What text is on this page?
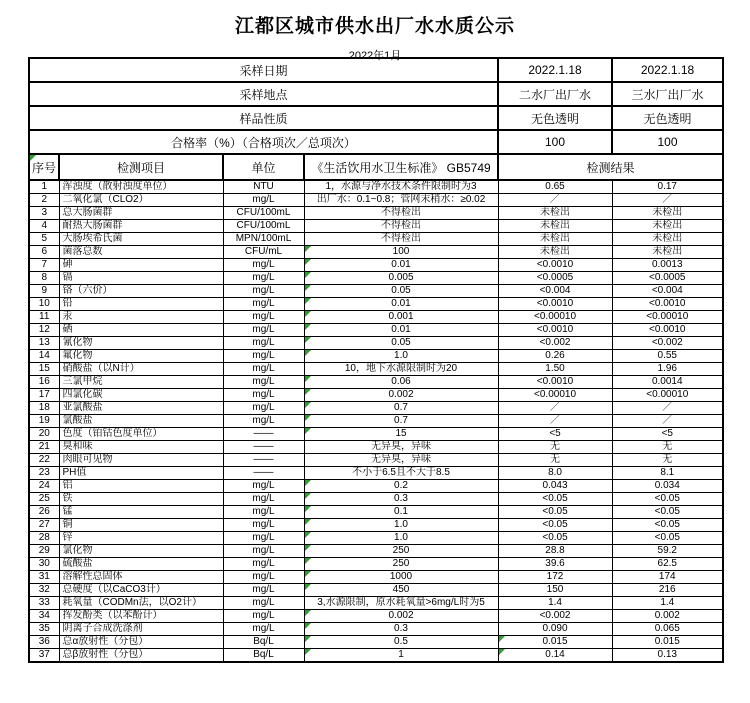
江都区城市供水出厂水水质公示
2022年1月
采样日期				2022.1.18	2022.1.18
采样地点				二水厂出厂水	三水厂出厂水
样品性质				无色透明	无色透明
合格率（%）（合格项次／总项次）				100	100

序号	检测项目	单位	《生活饮用水卫生标准》 GB5749	检测结果	
1	浑浊度（散射浊度单位）	NTU	1，水源与净水技术条件限制时为3	0.65	0.17
2	二氧化氯（CLO2）	mg/L	出厂水：0.1~0.8；管网末稍水：≥0.02	／	／
3	总大肠菌群	CFU/100mL	不得检出	未检出	未检出
4	耐热大肠菌群	CFU/100mL	不得检出	未检出	未检出
5	大肠埃希氏菌	MPN/100mL	不得检出	未检出	未检出
6	菌落总数	CFU/mL	100	未检出	未检出
7	砷	mg/L	0.01	<0.0010	0.0013
8	镉	mg/L	0.005	<0.0005	<0.0005
9	铬（六价）	mg/L	0.05	<0.004	<0.004
10	铅	mg/L	0.01	<0.0010	<0.0010
11	汞	mg/L	0.001	<0.00010	<0.00010
12	硒	mg/L	0.01	<0.0010	<0.0010
13	氰化物	mg/L	0.05	<0.002	<0.002
14	氟化物	mg/L	1.0	0.26	0.55
15	硝酸盐（以N计）	mg/L	10，地下水源限制时为20	1.50	1.96
16	三氯甲烷	mg/L	0.06	<0.0010	0.0014
17	四氯化碳	mg/L	0.002	<0.00010	<0.00010
18	亚氯酸盐	mg/L	0.7	／	／
19	氯酸盐	mg/L	0.7	／	／
20	色度（铂钴色度单位）	——	15	<5	<5
21	臭和味	——	无异臭，异味	无	无
22	肉眼可见物	——	无异臭，异味	无	无
23	PH值	——	不小于6.5且不大于8.5	8.0	8.1
24	铝	mg/L	0.2	0.043	0.034
25	铁	mg/L	0.3	<0.05	<0.05
26	锰	mg/L	0.1	<0.05	<0.05
27	铜	mg/L	1.0	<0.05	<0.05
28	锌	mg/L	1.0	<0.05	<0.05
29	氯化物	mg/L	250	28.8	59.2
30	硫酸盐	mg/L	250	39.6	62.5
31	溶解性总固体	mg/L	1000	172	174
32	总硬度（以CaCO3计）	mg/L	450	150	216
33	耗氧量（CODMn法，以O2计）	mg/L	3,水源限制，原水耗氧量>6mg/L时为5	1.4	1.4
34	挥发酚类（以苯酚计）	mg/L	0.002	<0.002	0.002
35	阴离子合成洗涤剂	mg/L	0.3	0.090	0.065
36	总α放射性（分包）	Bq/L	0.5	0.015	0.015
37	总β放射性（分包）	Bq/L	1	0.14	0.13
